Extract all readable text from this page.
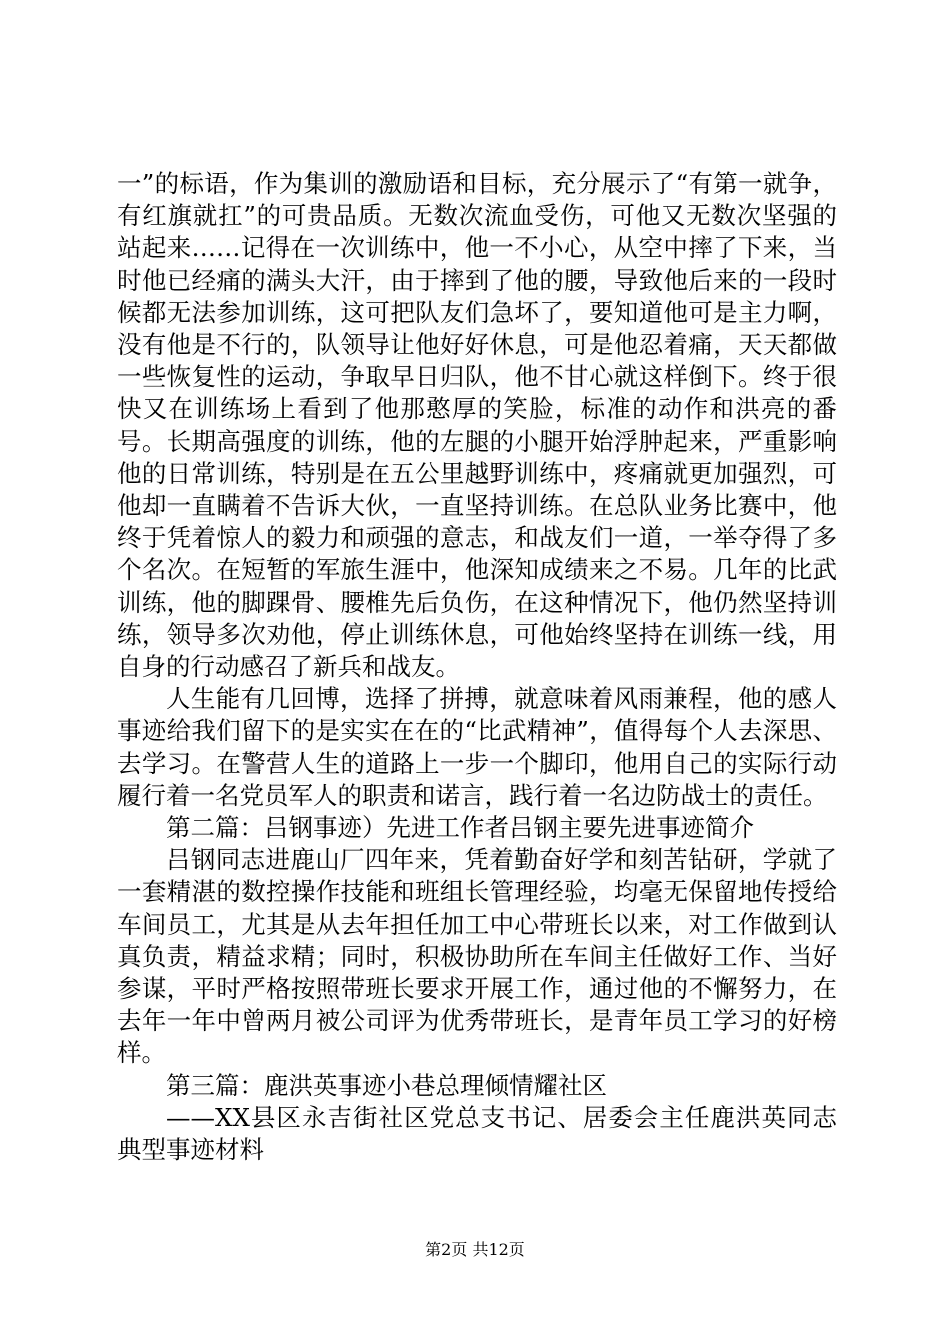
一”的标语，作为集训的激励语和目标，充分展示了“有第一就争，有红旗就扛”的可贵品质。无数次流血受伤，可他又无数次坚强的站起来……记得在一次训练中，他一不小心，从空中摔了下来，当时他已经痛的满头大汗，由于摔到了他的腰，导致他后来的一段时候都无法参加训练，这可把队友们急坏了，要知道他可是主力啊，没有他是不行的，队领导让他好好休息，可是他忍着痛，天天都做一些恢复性的运动，争取早日归队，他不甘心就这样倒下。终于很快又在训练场上看到了他那憨厚的笑脸，标准的动作和洪亮的番号。长期高强度的训练，他的左腿的小腿开始浮肿起来，严重影响他的日常训练，特别是在五公里越野训练中，疼痛就更加强烈，可他却一直瞒着不告诉大伙，一直坚持训练。在总队业务比赛中，他终于凭着惊人的毅力和顽强的意志，和战友们一道，一举夺得了多个名次。在短暂的军旅生涯中，他深知成绩来之不易。几年的比武训练，他的脚踝骨、腰椎先后负伤，在这种情况下，他仍然坚持训练，领导多次劝他，停止训练休息，可他始终坚持在训练一线，用自身的行动感召了新兵和战友。

人生能有几回博，选择了拼搏，就意味着风雨兼程，他的感人事迹给我们留下的是实实在在的“比武精神”，值得每个人去深思、去学习。在警营人生的道路上一步一个脚印，他用自己的实际行动履行着一名党员军人的职责和诺言，践行着一名边防战士的责任。

第二篇：吕钢事迹）先进工作者吕钢主要先进事迹简介

吕钢同志进鹿山厂四年来，凭着勤奋好学和刻苦钻研，学就了一套精湛的数控操作技能和班组长管理经验，均毫无保留地传授给车间员工，尤其是从去年担任加工中心带班长以来，对工作做到认真负责，精益求精；同时，积极协助所在车间主任做好工作、当好参谋，平时严格按照带班长要求开展工作，通过他的不懈努力，在去年一年中曾两月被公司评为优秀带班长，是青年员工学习的好榜样。

第三篇：鹿洪英事迹小巷总理倾情耀社区

——XX县区永吉街社区党总支书记、居委会主任鹿洪英同志典型事迹材料

第2页 共12页
